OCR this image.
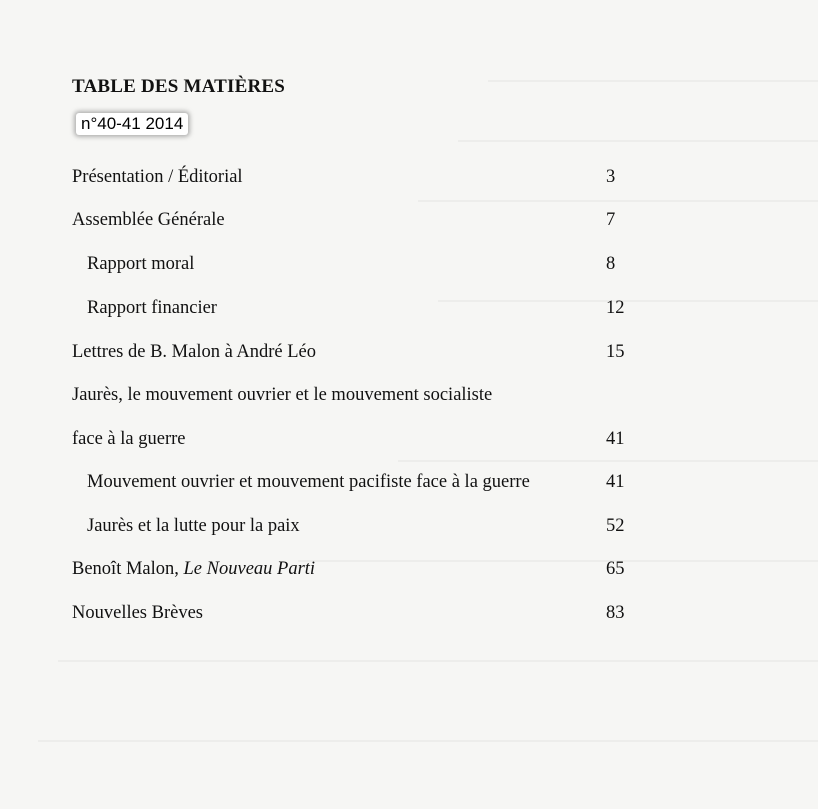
TABLE DES MATIÈRES
n°40-41 2014
Présentation / Éditorial	3
Assemblée Générale	7
Rapport moral	8
Rapport financier	12
Lettres de B. Malon à André Léo	15
Jaurès, le mouvement ouvrier et le mouvement socialiste
face à la guerre	41
Mouvement ouvrier et mouvement pacifiste face à la guerre	41
Jaurès et la lutte pour la paix	52
Benoît Malon, Le Nouveau Parti	65
Nouvelles Brèves	83
